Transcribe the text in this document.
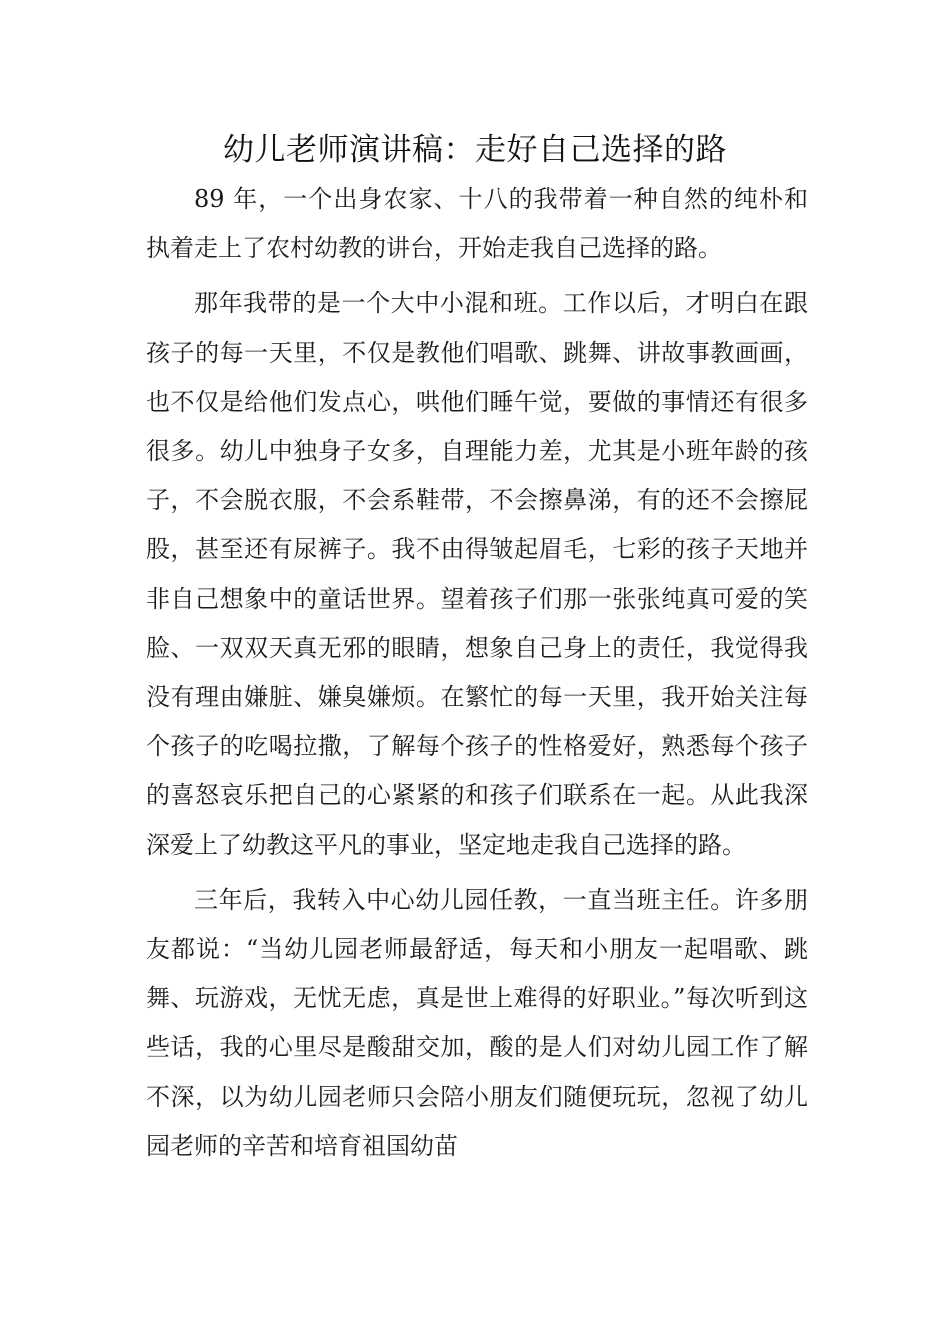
幼儿老师演讲稿：走好自己选择的路

89 年，一个出身农家、十八的我带着一种自然的纯朴和执着走上了农村幼教的讲台，开始走我自己选择的路。

那年我带的是一个大中小混和班。工作以后，才明白在跟孩子的每一天里，不仅是教他们唱歌、跳舞、讲故事教画画，也不仅是给他们发点心，哄他们睡午觉，要做的事情还有很多很多。幼儿中独身子女多，自理能力差，尤其是小班年龄的孩子，不会脱衣服，不会系鞋带，不会擦鼻涕，有的还不会擦屁股，甚至还有尿裤子。我不由得皱起眉毛，七彩的孩子天地并非自己想象中的童话世界。望着孩子们那一张张纯真可爱的笑脸、一双双天真无邪的眼睛，想象自己身上的责任，我觉得我没有理由嫌脏、嫌臭嫌烦。在繁忙的每一天里，我开始关注每个孩子的吃喝拉撒，了解每个孩子的性格爱好，熟悉每个孩子的喜怒哀乐把自己的心紧紧的和孩子们联系在一起。从此我深深爱上了幼教这平凡的事业，坚定地走我自己选择的路。

三年后，我转入中心幼儿园任教，一直当班主任。许多朋友都说：“当幼儿园老师最舒适，每天和小朋友一起唱歌、跳舞、玩游戏，无忧无虑，真是世上难得的好职业。”每次听到这些话，我的心里尽是酸甜交加，酸的是人们对幼儿园工作了解不深，以为幼儿园老师只会陪小朋友们随便玩玩，忽视了幼儿园老师的辛苦和培育祖国幼苗
